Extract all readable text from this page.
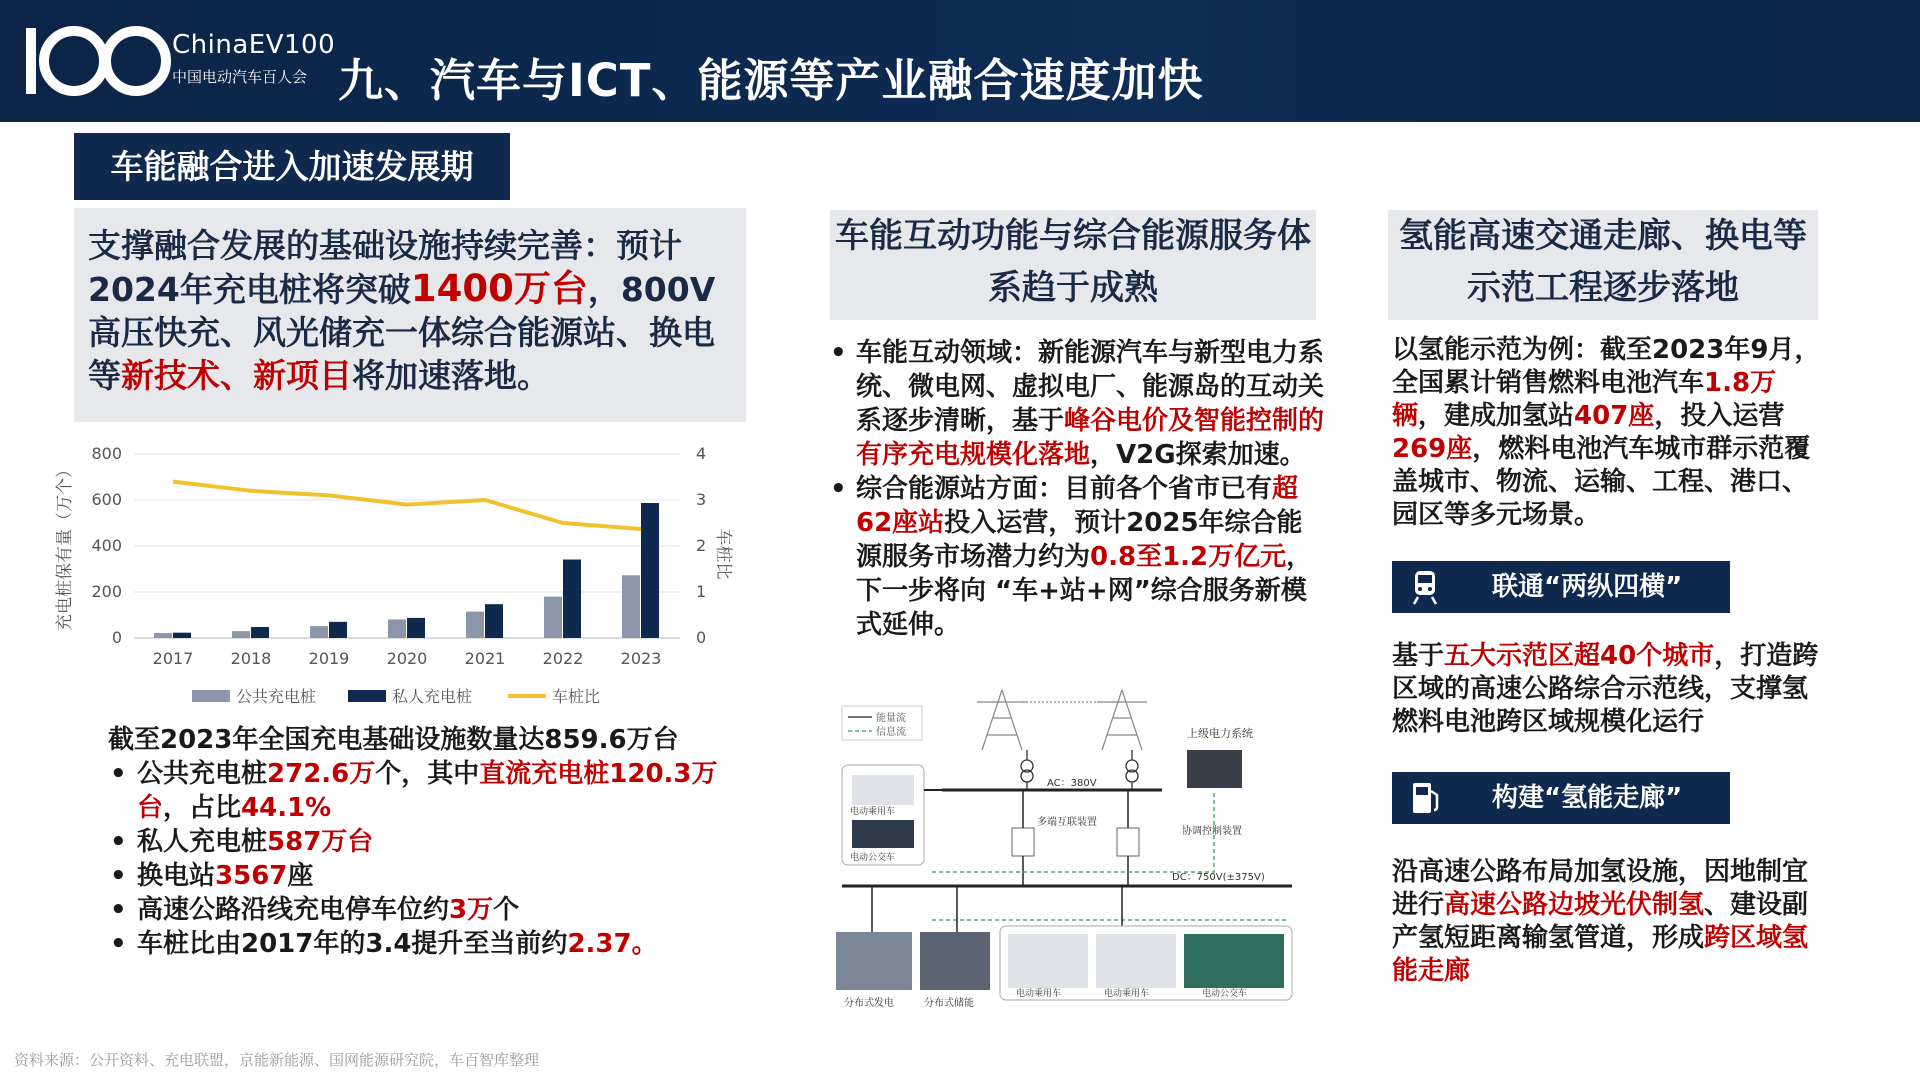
ChinaEV100
中国电动汽车百人会 九、汽车与ICT、能源等产业融合速度加快
车能融合进入加速发展期
支撑融合发展的基础设施持续完善：预计2024年充电桩将突破1400万台，800V 高压快充、风光储充一体综合能源站、换电等新技术、新项目将加速落地。
0
200
400
600
800
0
1
2
3
4
2017 2018 2019 2020 2021 2022 2023
充电桩保有量（万个）	车桩比
公共充电桩	私人充电桩	车桩比
截至2023年全国充电基础设施数量达859.6万台
• 公共充电桩272.6万个，其中直流充电桩120.3万台，占比44.1%
• 私人充电桩587万台
• 换电站3567座
• 高速公路沿线充电停车位约3万个
• 车桩比由2017年的3.4提升至当前约2.37。
车能互动功能与综合能源服务体系趋于成熟
• 车能互动领域：新能源汽车与新型电力系统、微电网、虚拟电厂、能源岛的互动关系逐步清晰，基于峰谷电价及智能控制的有序充电规模化落地，V2G探索加速。
• 综合能源站方面：目前各个省市已有超62座站投入运营，预计2025年综合能源服务市场潜力约为0.8至1.2万亿元，下一步将向 “车+站+网”综合服务新模式延伸。
能量流
信息流	上级电力系统
AC：380V
协调控制装置
多端互联装置
电动乘用车
电动公交车
DC：750V(±375V)
分布式发电	分布式储能
电动乘用车	电动乘用车	电动公交车
氢能高速交通走廊、换电等示范工程逐步落地
以氢能示范为例：截至2023年9月，全国累计销售燃料电池汽车1.8万辆，建成加氢站407座，投入运营269座，燃料电池汽车城市群示范覆盖城市、物流、运输、工程、港口、园区等多元场景。
联通“两纵四横”
基于五大示范区超40个城市，打造跨区域的高速公路综合示范线，支撑氢燃料电池跨区域规模化运行
构建“氢能走廊”
沿高速公路布局加氢设施，因地制宜进行高速公路边坡光伏制氢、建设副产氢短距离输氢管道，形成跨区域氢能走廊
资料来源：公开资料、充电联盟，京能新能源、国网能源研究院，车百智库整理
